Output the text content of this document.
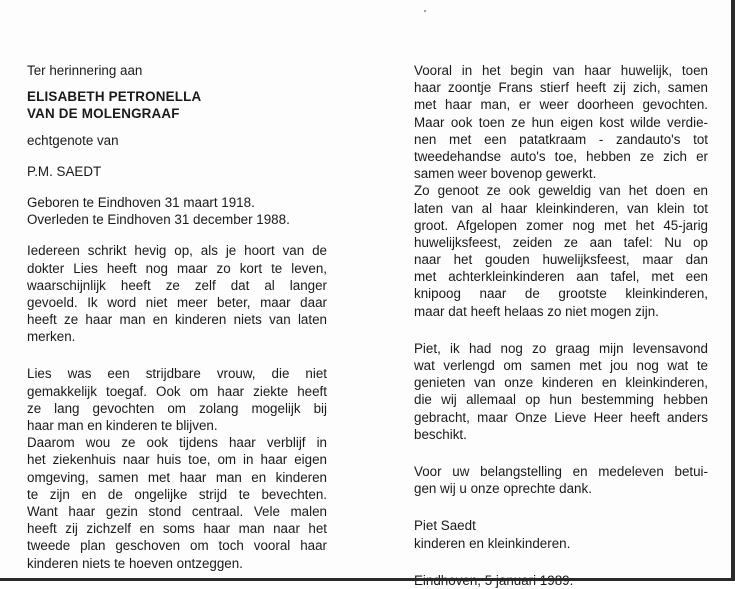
Ter herinnering aan
ELISABETH PETRONELLA
VAN DE MOLENGRAAF
echtgenote van
P.M. SAEDT
Geboren te Eindhoven 31 maart 1918.
Overleden te Eindhoven 31 december 1988.
Iedereen schrikt hevig op, als je hoort van de
dokter Lies heeft nog maar zo kort te leven,
waarschijnlijk heeft ze zelf dat al langer
gevoeld. Ik word niet meer beter, maar daar
heeft ze haar man en kinderen niets van laten
merken.
Lies was een strijdbare vrouw, die niet
gemakkelijk toegaf. Ook om haar ziekte heeft
ze lang gevochten om zolang mogelijk bij
haar man en kinderen te blijven.
Daarom wou ze ook tijdens haar verblijf in
het ziekenhuis naar huis toe, om in haar eigen
omgeving, samen met haar man en kinderen
te zijn en de ongelijke strijd te bevechten.
Want haar gezin stond centraal. Vele malen
heeft zij zichzelf en soms haar man naar het
tweede plan geschoven om toch vooral haar
kinderen niets te hoeven ontzeggen.
Vooral in het begin van haar huwelijk, toen
haar zoontje Frans stierf heeft zij zich, samen
met haar man, er weer doorheen gevochten.
Maar ook toen ze hun eigen kost wilde verdie-
nen met een patatkraam - zandauto's tot
tweedehandse auto's toe, hebben ze zich er
samen weer bovenop gewerkt.
Zo genoot ze ook geweldig van het doen en
laten van al haar kleinkinderen, van klein tot
groot. Afgelopen zomer nog met het 45-jarig
huwelijksfeest, zeiden ze aan tafel: Nu op
naar het gouden huwelijksfeest, maar dan
met achterkleinkinderen aan tafel, met een
knipoog naar de grootste kleinkinderen,
maar dat heeft helaas zo niet mogen zijn.
Piet, ik had nog zo graag mijn levensavond
wat verlengd om samen met jou nog wat te
genieten van onze kinderen en kleinkinderen,
die wij allemaal op hun bestemming hebben
gebracht, maar Onze Lieve Heer heeft anders
beschikt.
Voor uw belangstelling en medeleven betui-
gen wij u onze oprechte dank.
Piet Saedt
kinderen en kleinkinderen.
